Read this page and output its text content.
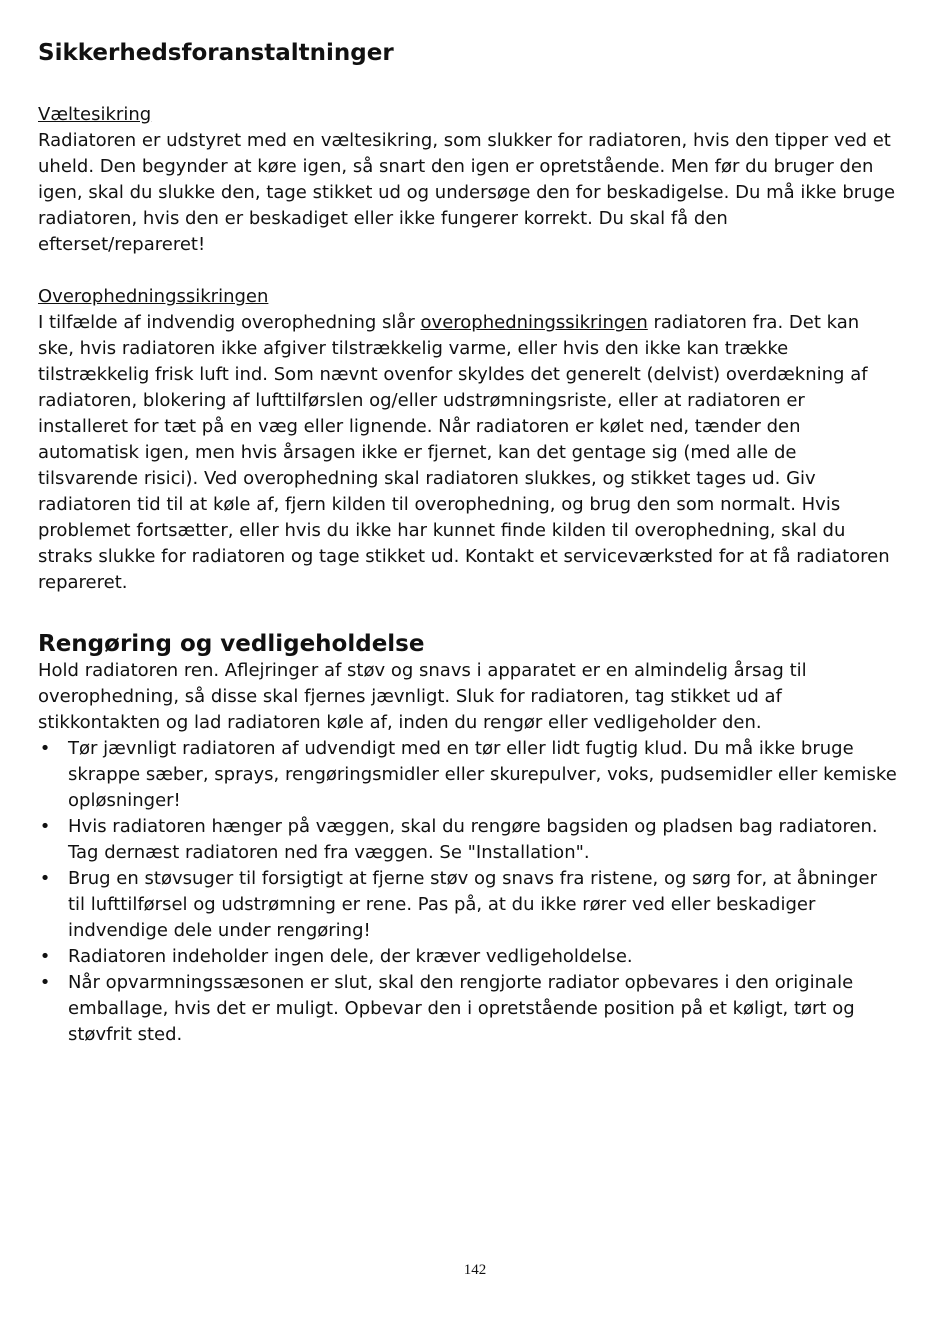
Sikkerhedsforanstaltninger
Væltesikring

Radiatoren er udstyret med en væltesikring, som slukker for radiatoren, hvis den tipper ved et uheld. Den begynder at køre igen, så snart den igen er opretstående. Men før du bruger den igen, skal du slukke den, tage stikket ud og undersøge den for beskadigelse. Du må ikke bruge radiatoren, hvis den er beskadiget eller ikke fungerer korrekt. Du skal få den efterset/repareret!

Overophedningssikringen

I tilfælde af indvendig overophedning slår overophedningssikringen radiatoren fra. Det kan ske, hvis radiatoren ikke afgiver tilstrækkelig varme, eller hvis den ikke kan trække tilstrækkelig frisk luft ind. Som nævnt ovenfor skyldes det generelt (delvist) overdækning af radiatoren, blokering af lufttilførslen og/eller udstrømningsriste, eller at radiatoren er installeret for tæt på en væg eller lignende. Når radiatoren er kølet ned, tænder den automatisk igen, men hvis årsagen ikke er fjernet, kan det gentage sig (med alle de tilsvarende risici). Ved overophedning skal radiatoren slukkes, og stikket tages ud. Giv radiatoren tid til at køle af, fjern kilden til overophedning, og brug den som normalt. Hvis problemet fortsætter, eller hvis du ikke har kunnet finde kilden til overophedning, skal du straks slukke for radiatoren og tage stikket ud. Kontakt et serviceværksted for at få radiatoren repareret.

Rengøring og vedligeholdelse

Hold radiatoren ren. Aflejringer af støv og snavs i apparatet er en almindelig årsag til overophedning, så disse skal fjernes jævnligt. Sluk for radiatoren, tag stikket ud af stikkontakten og lad radiatoren køle af, inden du rengør eller vedligeholder den.

• Tør jævnligt radiatoren af udvendigt med en tør eller lidt fugtig klud. Du må ikke bruge skrappe sæber, sprays, rengøringsmidler eller skurepulver, voks, pudsemidler eller kemiske opløsninger!
• Hvis radiatoren hænger på væggen, skal du rengøre bagsiden og pladsen bag radiatoren. Tag dernæst radiatoren ned fra væggen. Se "Installation".
• Brug en støvsuger til forsigtigt at fjerne støv og snavs fra ristene, og sørg for, at åbninger til lufttilførsel og udstrømning er rene. Pas på, at du ikke rører ved eller beskadiger indvendige dele under rengøring!
• Radiatoren indeholder ingen dele, der kræver vedligeholdelse.
• Når opvarmningssæsonen er slut, skal den rengjorte radiator opbevares i den originale emballage, hvis det er muligt. Opbevar den i opretstående position på et køligt, tørt og støvfrit sted.
142
